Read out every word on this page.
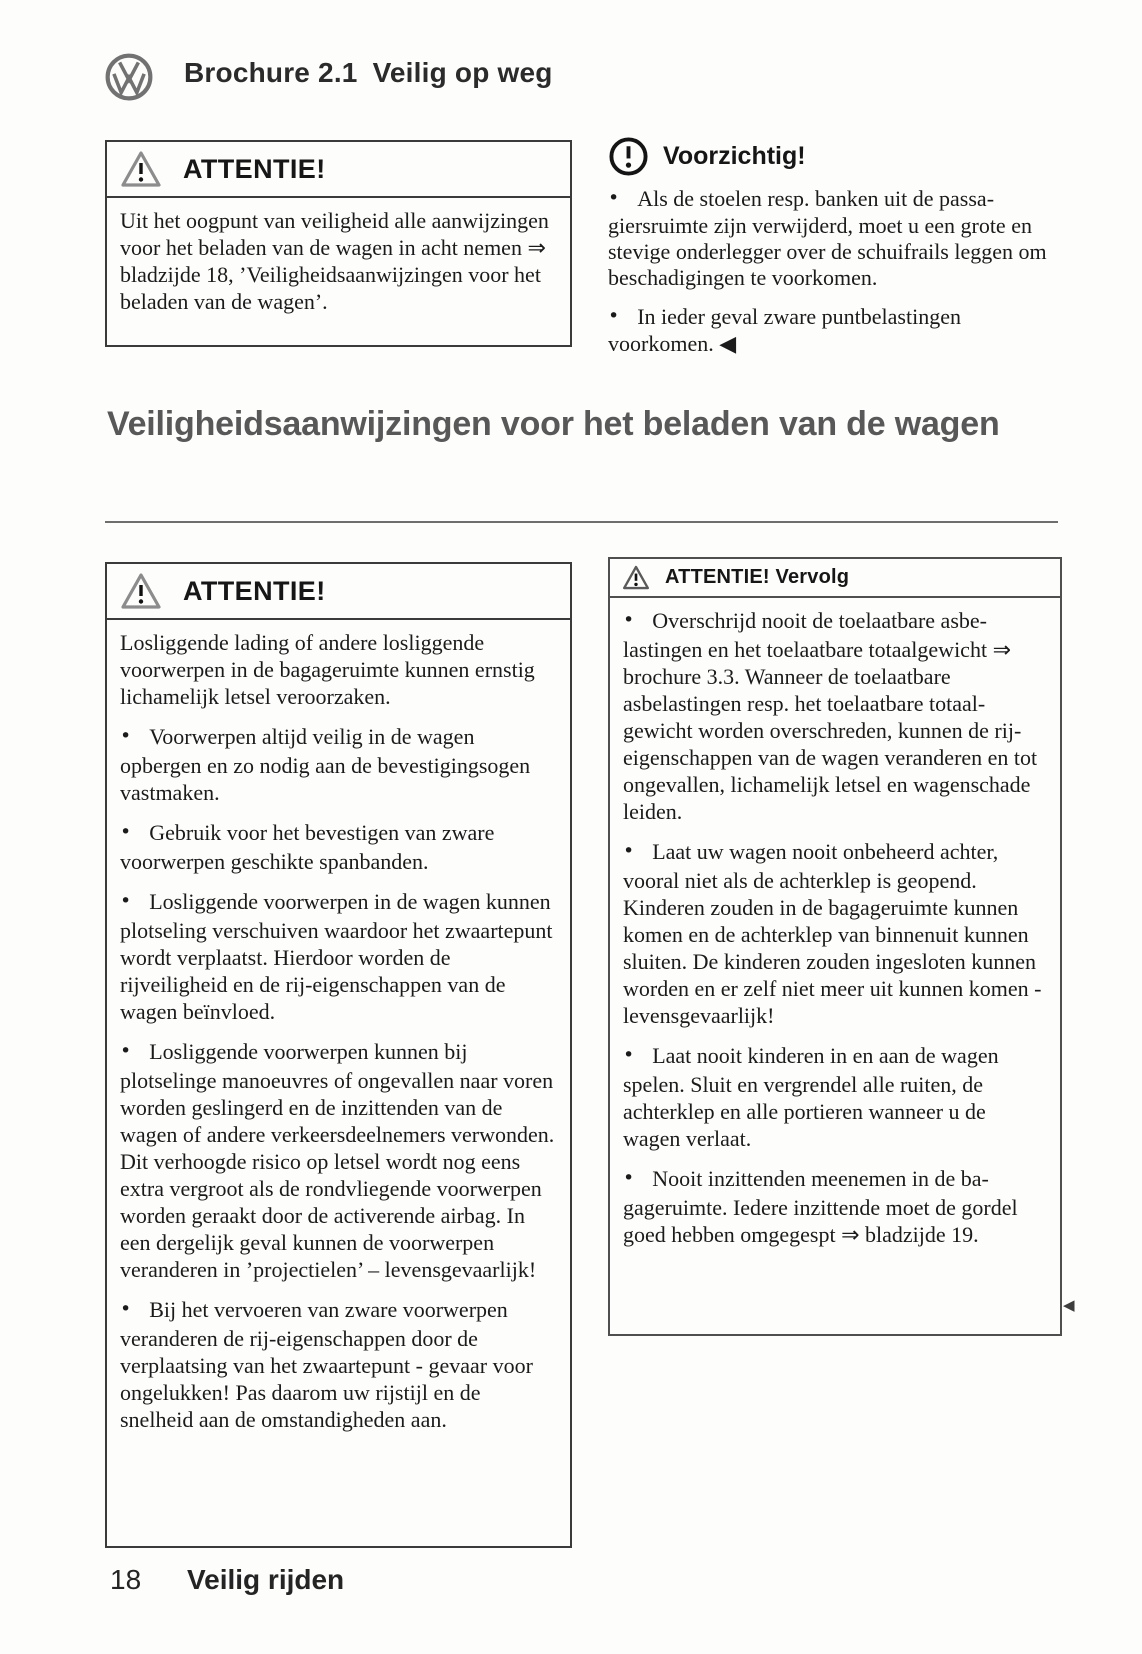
Brochure 2.1 Veilig op weg
ATTENTIE!

Uit het oogpunt van veiligheid alle aanwijzingen voor het beladen van de wagen in acht nemen ⇒ bladzijde 18, ’Veiligheidsaanwijzingen voor het beladen van de wagen’.

Voorzichtig!

• Als de stoelen resp. banken uit de passagiersruimte zijn verwijderd, moet u een grote en stevige onderlegger over de schuifrails leggen om beschadigingen te voorkomen.

• In ieder geval zware puntbelastingen voorkomen. ◀

Veiligheidsaanwijzingen voor het beladen van de wagen
ATTENTIE!

Losliggende lading of andere losliggende voorwerpen in de bagageruimte kunnen ernstig lichamelijk letsel veroorzaken.

• Voorwerpen altijd veilig in de wagen opbergen en zo nodig aan de bevestigingsogen vastmaken.

• Gebruik voor het bevestigen van zware voorwerpen geschikte spanbanden.

• Losliggende voorwerpen in de wagen kunnen plotseling verschuiven waardoor het zwaartepunt wordt verplaatst. Hierdoor worden de rijveiligheid en de rij-eigenschappen van de wagen beïnvloed.

• Losliggende voorwerpen kunnen bij plotselinge manoeuvres of ongevallen naar voren worden geslingerd en de inzittenden van de wagen of andere verkeersdeelnemers verwonden. Dit verhoogde risico op letsel wordt nog eens extra vergroot als de rondvliegende voorwerpen worden geraakt door de activerende airbag. In een dergelijk geval kunnen de voorwerpen veranderen in ’projectielen’ – levensgevaarlijk!

• Bij het vervoeren van zware voorwerpen veranderen de rij-eigenschappen door de verplaatsing van het zwaartepunt - gevaar voor ongelukken! Pas daarom uw rijstijl en de snelheid aan de omstandigheden aan.

ATTENTIE! Vervolg

• Overschrijd nooit de toelaatbare asbelastingen en het toelaatbare totaalgewicht ⇒ brochure 3.3. Wanneer de toelaatbare asbelastingen resp. het toelaatbare totaalgewicht worden overschreden, kunnen de rij-eigenschappen van de wagen veranderen en tot ongevallen, lichamelijk letsel en wagenschade leiden.

• Laat uw wagen nooit onbeheerd achter, vooral niet als de achterklep is geopend. Kinderen zouden in de bagageruimte kunnen komen en de achterklep van binnenuit kunnen sluiten. De kinderen zouden ingesloten kunnen worden en er zelf niet meer uit kunnen komen - levensgevaarlijk!

• Laat nooit kinderen in en aan de wagen spelen. Sluit en vergrendel alle ruiten, de achterklep en alle portieren wanneer u de wagen verlaat.

• Nooit inzittenden meenemen in de bagageruimte. Iedere inzittende moet de gordel goed hebben omgegespt ⇒ bladzijde 19.

◀
18 Veilig rijden
